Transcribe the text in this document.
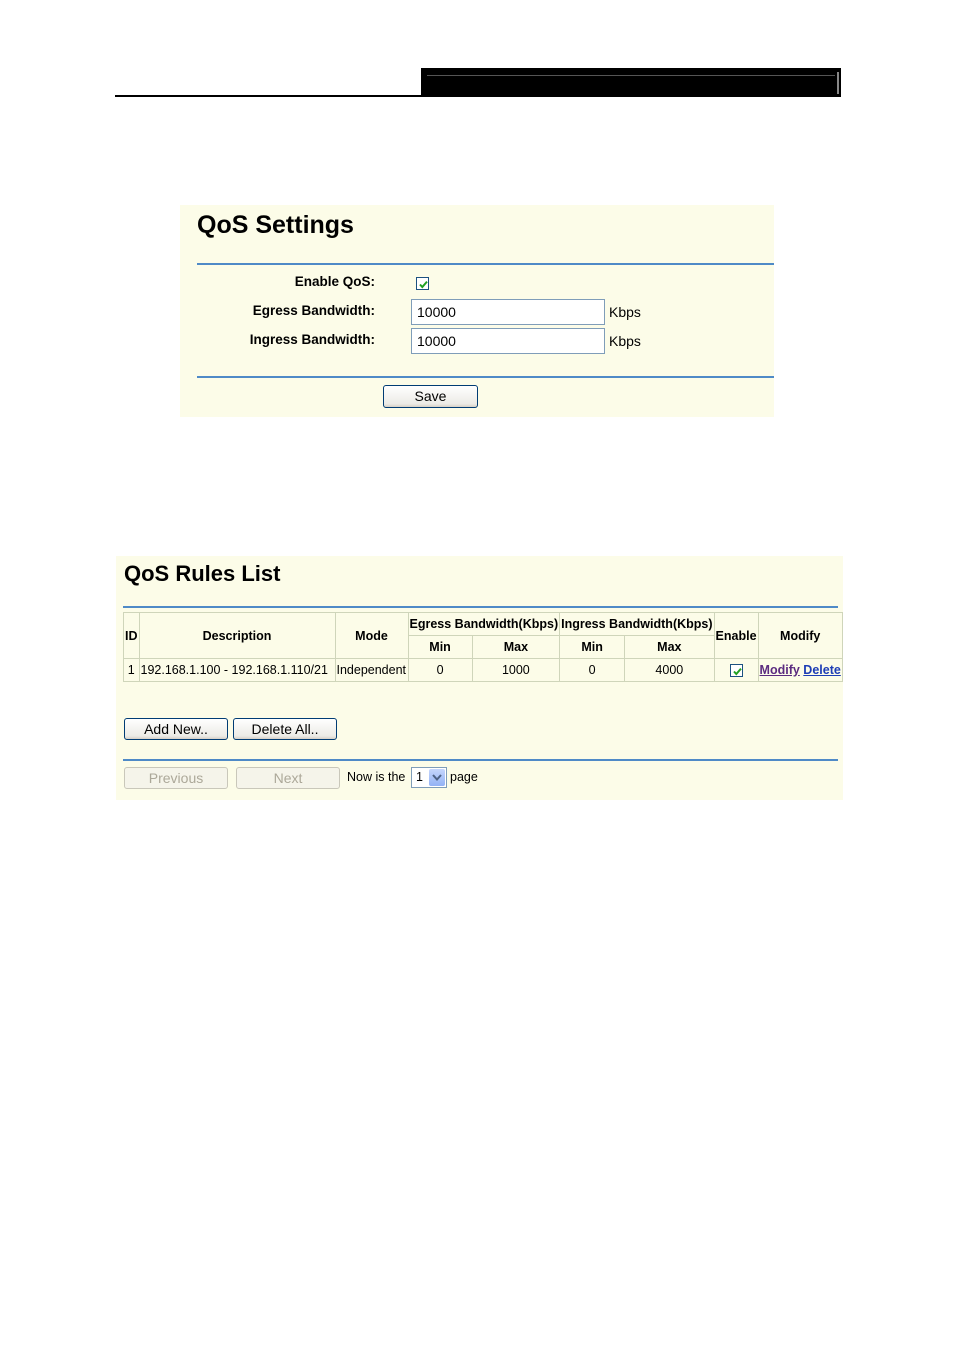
QoS Settings
Enable QoS:
Egress Bandwidth:
10000	Kbps
Ingress Bandwidth:
10000	Kbps
Save
QoS Rules List
ID	Description	Mode	Egress Bandwidth(Kbps)		Ingress Bandwidth(Kbps)		Enable	Modify
			Min	Max	Min	Max		
1	192.168.1.100 - 192.168.1.110/21	Independent	0	1000	0	4000		Modify Delete
Add New..	Delete All..
Previous	Next	Now is the 1	page
